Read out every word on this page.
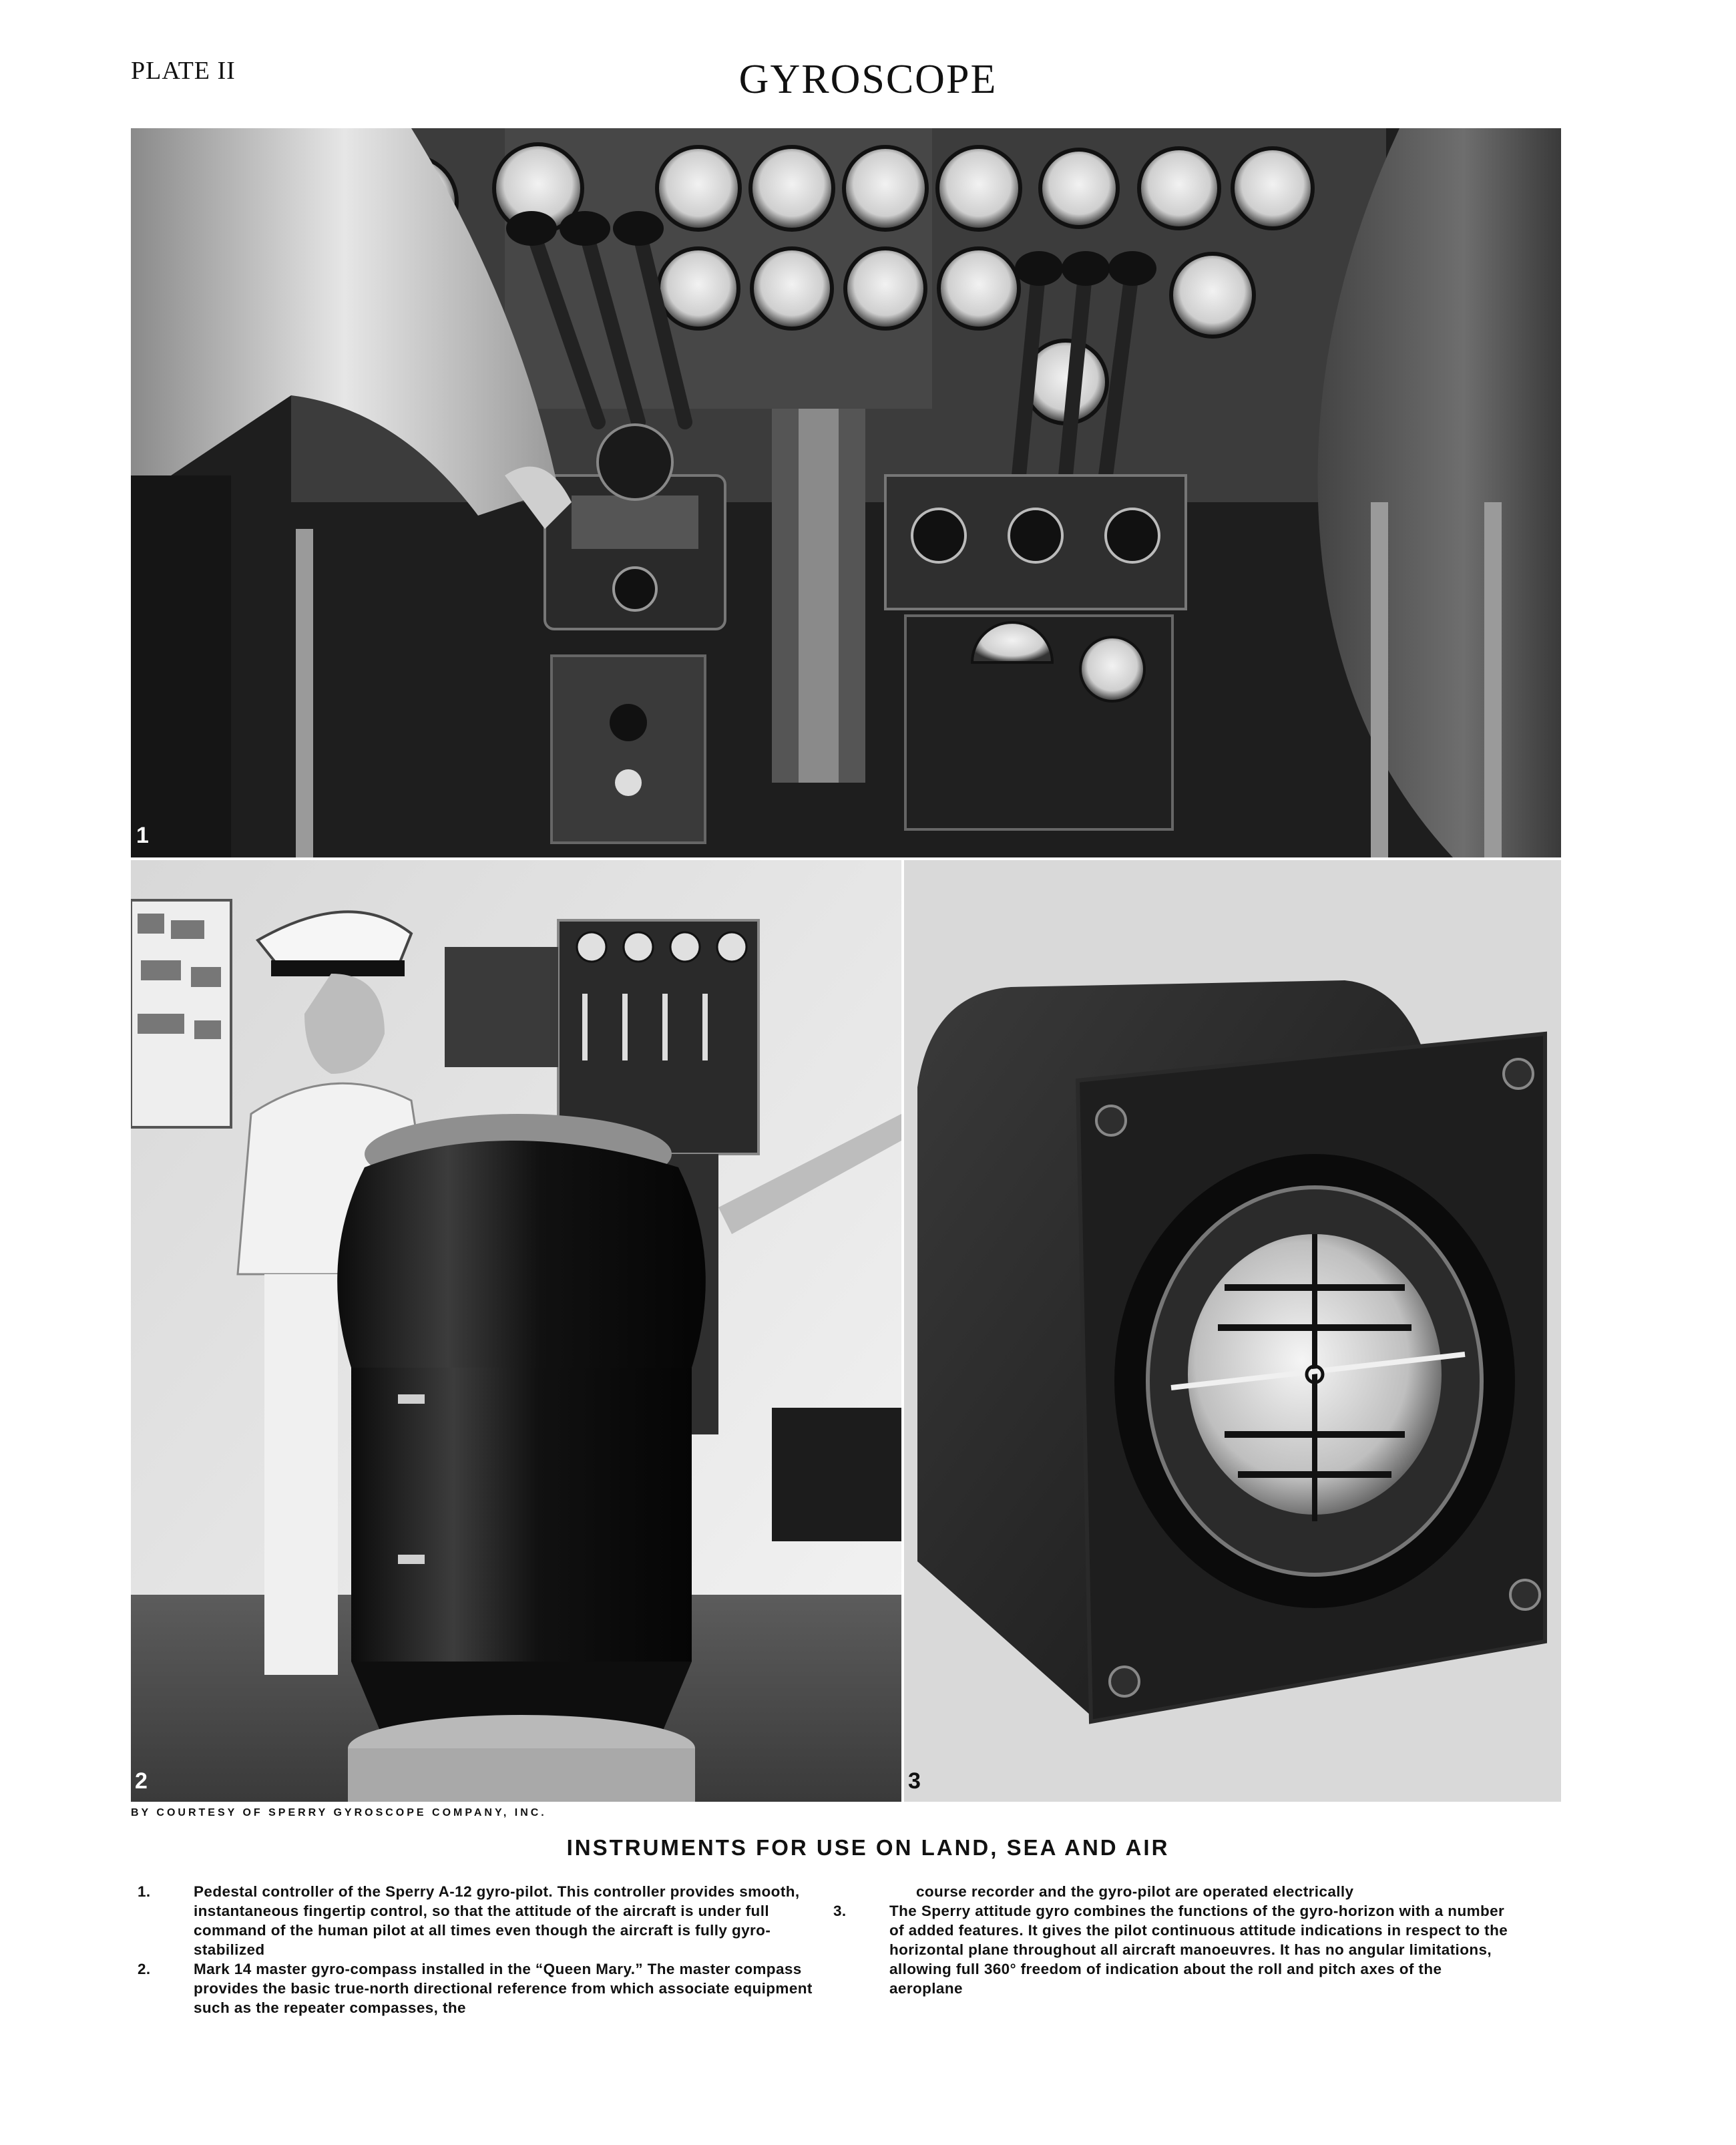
PLATE II	GYROSCOPE
1
2	3
BY COURTESY OF SPERRY GYROSCOPE COMPANY, INC.
INSTRUMENTS FOR USE ON LAND, SEA AND AIR

1.	Pedestal controller of the Sperry A-12 gyro-pilot. This controller provides smooth, instantaneous fingertip control, so that the attitude of the aircraft is under full command of the human pilot at all times even though the aircraft is fully gyro-stabilized

2.	Mark 14 master gyro-compass installed in the “Queen Mary.” The master compass provides the basic true-north directional reference from which associate equipment such as the repeater compasses, the

course recorder and the gyro-pilot are operated electrically

3.	The Sperry attitude gyro combines the functions of the gyro-horizon with a number of added features. It gives the pilot continuous attitude indications in respect to the horizontal plane throughout all aircraft manoeuvres. It has no angular limitations, allowing full 360° freedom of indication about the roll and pitch axes of the aeroplane
